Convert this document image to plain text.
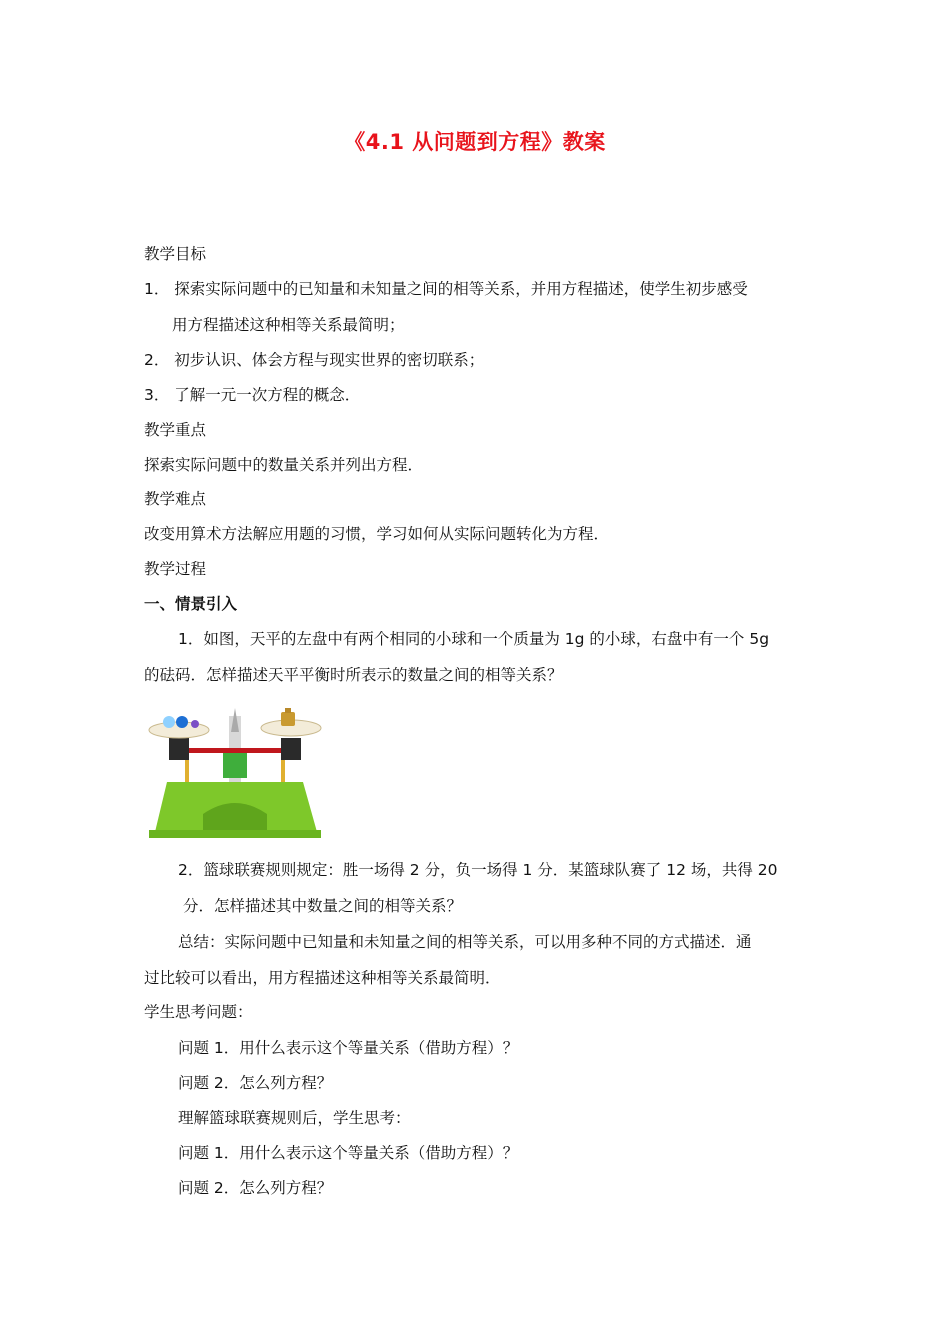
《4.1 从问题到方程》教案
教学目标
1． 探索实际问题中的已知量和未知量之间的相等关系，并用方程描述，使学生初步感受
用方程描述这种相等关系最简明；
2． 初步认识、体会方程与现实世界的密切联系；
3． 了解一元一次方程的概念．
教学重点
探索实际问题中的数量关系并列出方程．
教学难点
改变用算术方法解应用题的习惯，学习如何从实际问题转化为方程．
教学过程
一、情景引入
1．如图，天平的左盘中有两个相同的小球和一个质量为 1g 的小球，右盘中有一个 5g
的砝码．怎样描述天平平衡时所表示的数量之间的相等关系？
2．篮球联赛规则规定：胜一场得 2 分，负一场得 1 分．某篮球队赛了 12 场，共得 20
分．怎样描述其中数量之间的相等关系？
总结：实际问题中已知量和未知量之间的相等关系，可以用多种不同的方式描述．通
过比较可以看出，用方程描述这种相等关系最简明．
学生思考问题：
问题 1．用什么表示这个等量关系（借助方程）？
问题 2．怎么列方程？
理解篮球联赛规则后，学生思考：
问题 1．用什么表示这个等量关系（借助方程）？
问题 2．怎么列方程？
